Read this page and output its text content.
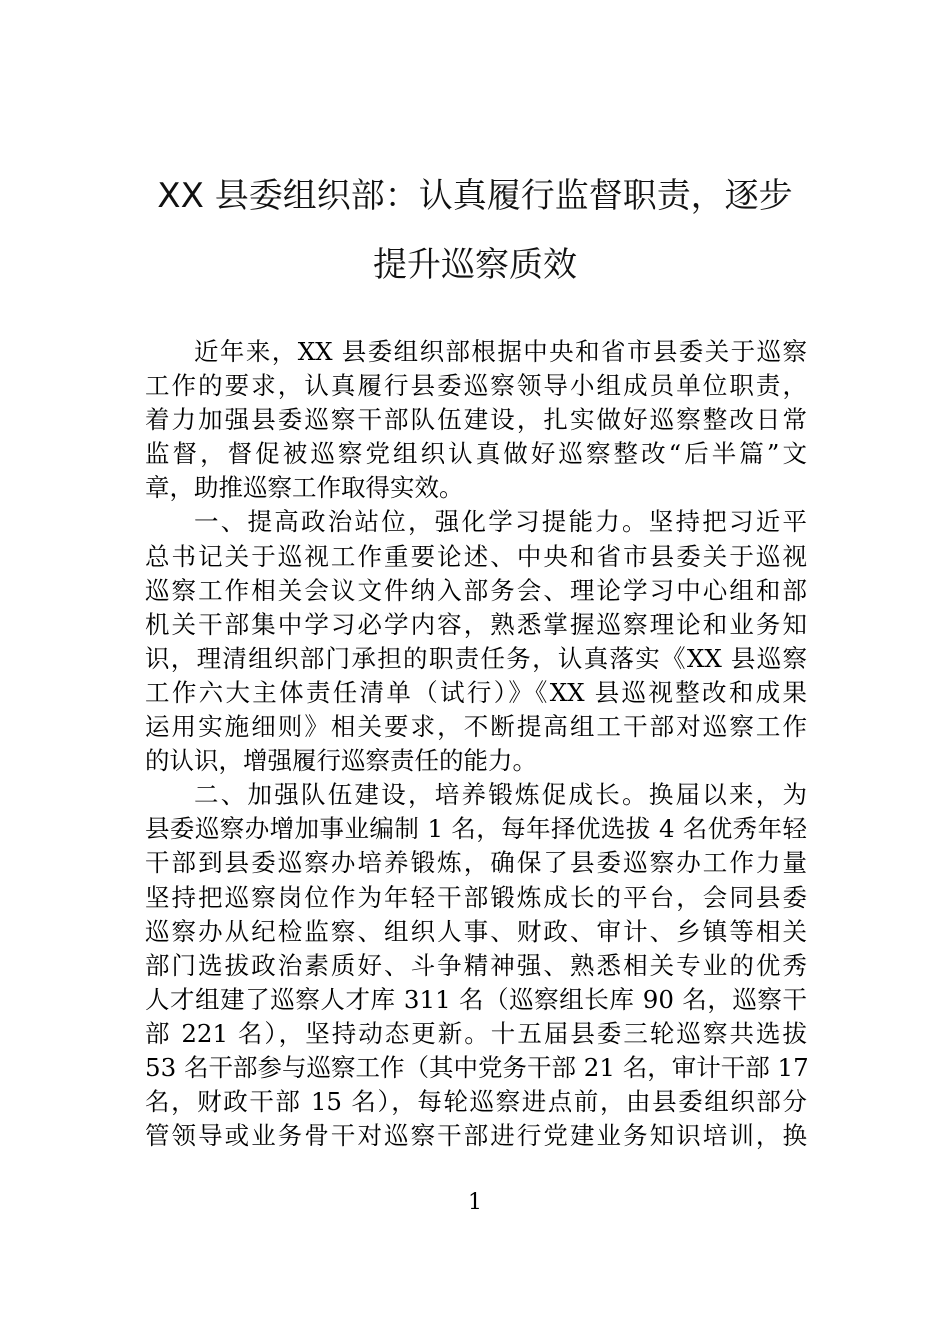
XX 县委组织部：认真履行监督职责，逐步
提升巡察质效
近年来，XX 县委组织部根据中央和省市县委关于巡察
工作的要求，认真履行县委巡察领导小组成员单位职责，
着力加强县委巡察干部队伍建设，扎实做好巡察整改日常
监督，督促被巡察党组织认真做好巡察整改“后半篇”文
章，助推巡察工作取得实效。
一、提高政治站位，强化学习提能力。坚持把习近平
总书记关于巡视工作重要论述、中央和省市县委关于巡视
巡察工作相关会议文件纳入部务会、理论学习中心组和部
机关干部集中学习必学内容，熟悉掌握巡察理论和业务知
识，理清组织部门承担的职责任务，认真落实《XX 县巡察
工作六大主体责任清单（试行）》《XX 县巡视整改和成果
运用实施细则》相关要求，不断提高组工干部对巡察工作
的认识，增强履行巡察责任的能力。
二、加强队伍建设，培养锻炼促成长。换届以来，为
县委巡察办增加事业编制 1 名，每年择优选拔 4 名优秀年轻
干部到县委巡察办培养锻炼，确保了县委巡察办工作力量
坚持把巡察岗位作为年轻干部锻炼成长的平台，会同县委
巡察办从纪检监察、组织人事、财政、审计、乡镇等相关
部门选拔政治素质好、斗争精神强、熟悉相关专业的优秀
人才组建了巡察人才库 311 名（巡察组长库 90 名，巡察干
部 221 名），坚持动态更新。十五届县委三轮巡察共选拔
53 名干部参与巡察工作（其中党务干部 21 名，审计干部 17
名，财政干部 15 名），每轮巡察进点前，由县委组织部分
管领导或业务骨干对巡察干部进行党建业务知识培训，换
1
